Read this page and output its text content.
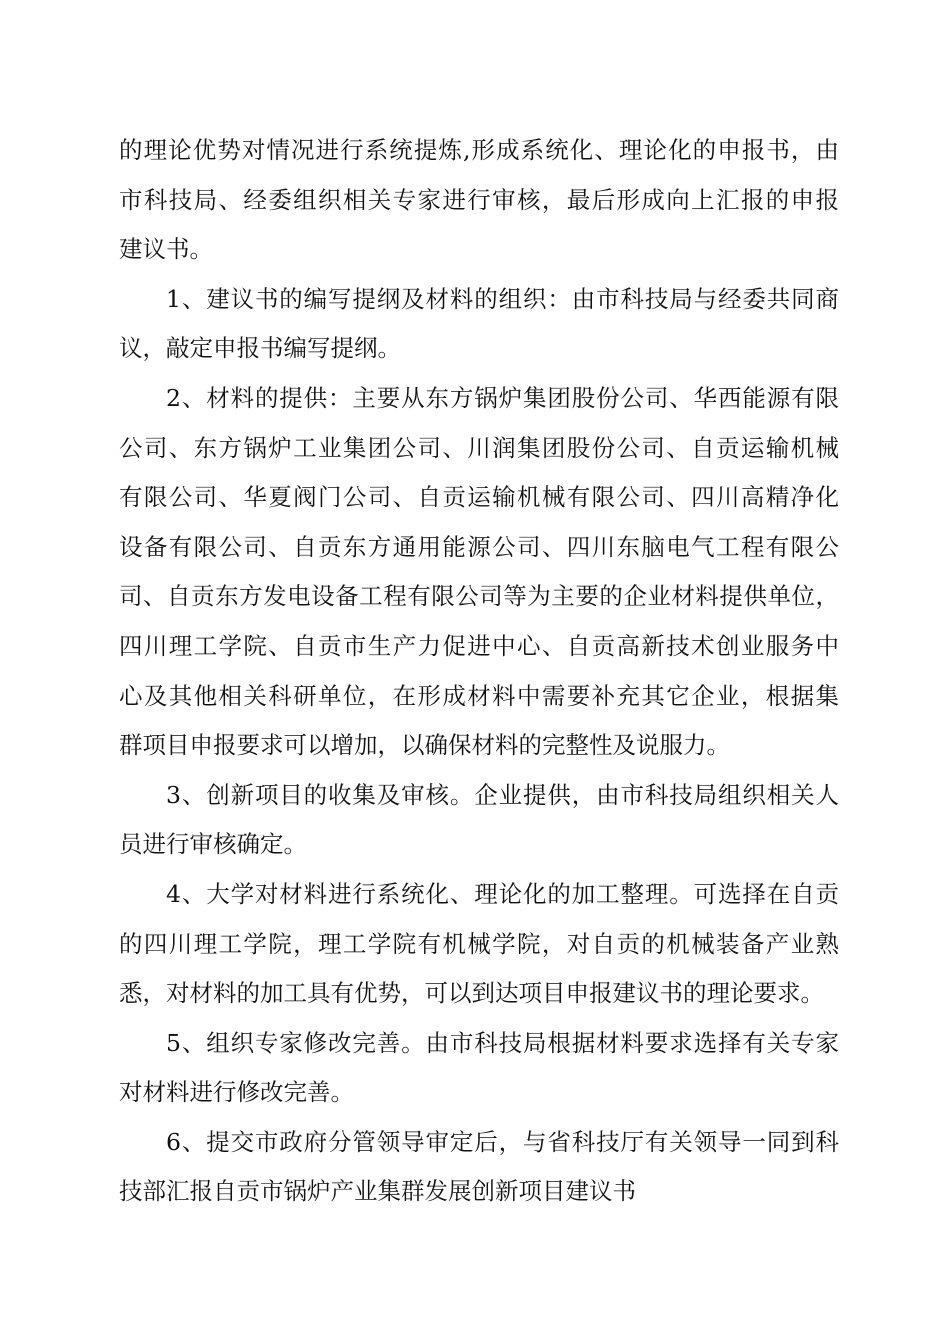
的理论优势对情况进行系统提炼,形成系统化、理论化的申报书，由
市科技局、经委组织相关专家进行审核，最后形成向上汇报的申报
建议书。

1、建议书的编写提纲及材料的组织：由市科技局与经委共同商
议，敲定申报书编写提纲。

2、材料的提供：主要从东方锅炉集团股份公司、华西能源有限
公司、东方锅炉工业集团公司、川润集团股份公司、自贡运输机械
有限公司、华夏阀门公司、自贡运输机械有限公司、四川高精净化
设备有限公司、自贡东方通用能源公司、四川东脑电气工程有限公
司、自贡东方发电设备工程有限公司等为主要的企业材料提供单位，
四川理工学院、自贡市生产力促进中心、自贡高新技术创业服务中
心及其他相关科研单位，在形成材料中需要补充其它企业，根据集
群项目申报要求可以增加，以确保材料的完整性及说服力。

3、创新项目的收集及审核。企业提供，由市科技局组织相关人
员进行审核确定。

4、大学对材料进行系统化、理论化的加工整理。可选择在自贡
的四川理工学院，理工学院有机械学院，对自贡的机械装备产业熟
悉，对材料的加工具有优势，可以到达项目申报建议书的理论要求。

5、组织专家修改完善。由市科技局根据材料要求选择有关专家
对材料进行修改完善。

6、提交市政府分管领导审定后，与省科技厅有关领导一同到科
技部汇报自贡市锅炉产业集群发展创新项目建议书
